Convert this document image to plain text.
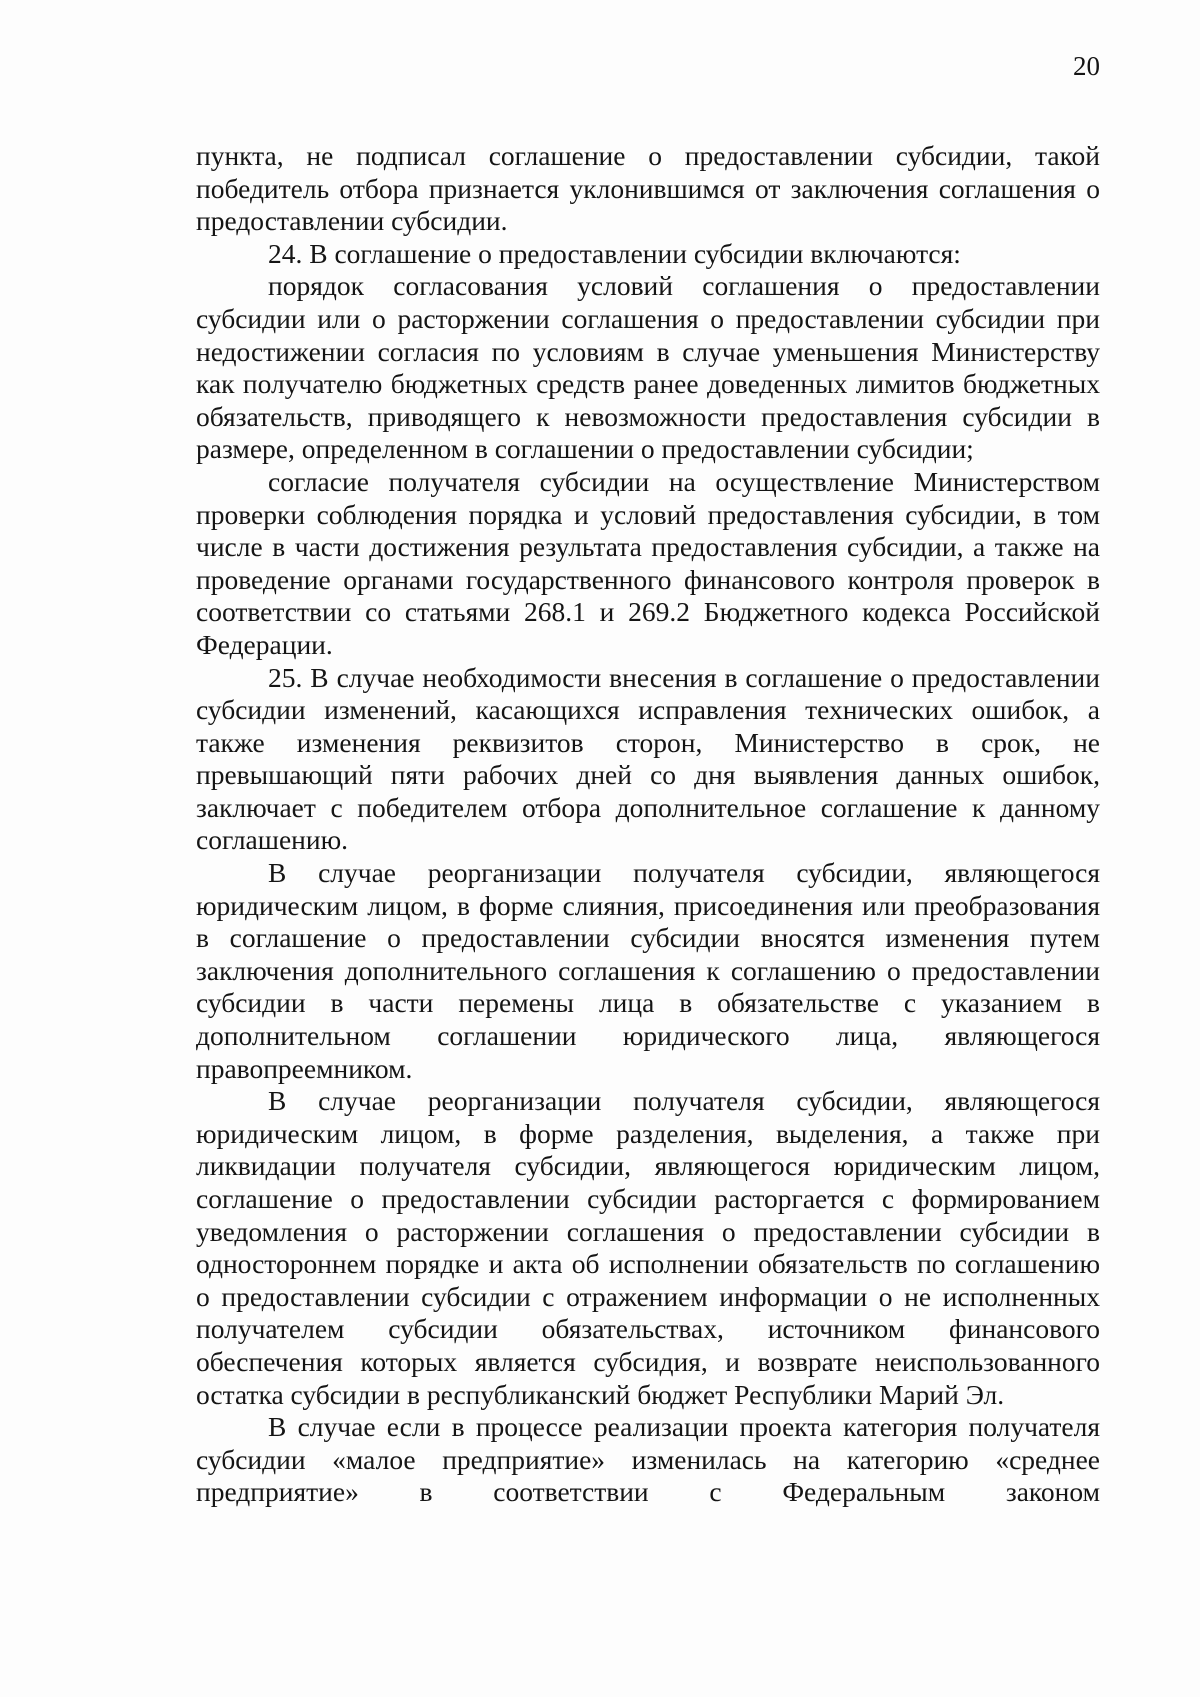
20

пункта, не подписал соглашение о предоставлении субсидии, такой победитель отбора признается уклонившимся от заключения соглашения о предоставлении субсидии.

24. В соглашение о предоставлении субсидии включаются:

порядок согласования условий соглашения о предоставлении субсидии или о расторжении соглашения о предоставлении субсидии при недостижении согласия по условиям в случае уменьшения Министерству как получателю бюджетных средств ранее доведенных лимитов бюджетных обязательств, приводящего к невозможности предоставления субсидии в размере, определенном в соглашении о предоставлении субсидии;

согласие получателя субсидии на осуществление Министерством проверки соблюдения порядка и условий предоставления субсидии, в том числе в части достижения результата предоставления субсидии, а также на проведение органами государственного финансового контроля проверок в соответствии со статьями 268.1 и 269.2 Бюджетного кодекса Российской Федерации.

25. В случае необходимости внесения в соглашение о предоставлении субсидии изменений, касающихся исправления технических ошибок, а также изменения реквизитов сторон, Министерство в срок, не превышающий пяти рабочих дней со дня выявления данных ошибок, заключает с победителем отбора дополнительное соглашение к данному соглашению.

В случае реорганизации получателя субсидии, являющегося юридическим лицом, в форме слияния, присоединения или преобразования в соглашение о предоставлении субсидии вносятся изменения путем заключения дополнительного соглашения к соглашению о предоставлении субсидии в части перемены лица в обязательстве с указанием в дополнительном соглашении юридического лица, являющегося правопреемником.

В случае реорганизации получателя субсидии, являющегося юридическим лицом, в форме разделения, выделения, а также при ликвидации получателя субсидии, являющегося юридическим лицом, соглашение о предоставлении субсидии расторгается с формированием уведомления о расторжении соглашения о предоставлении субсидии в одностороннем порядке и акта об исполнении обязательств по соглашению о предоставлении субсидии с отражением информации о не исполненных получателем субсидии обязательствах, источником финансового обеспечения которых является субсидия, и возврате неиспользованного остатка субсидии в республиканский бюджет Республики Марий Эл.

В случае если в процессе реализации проекта категория получателя субсидии «малое предприятие» изменилась на категорию «среднее предприятие» в соответствии с Федеральным законом
